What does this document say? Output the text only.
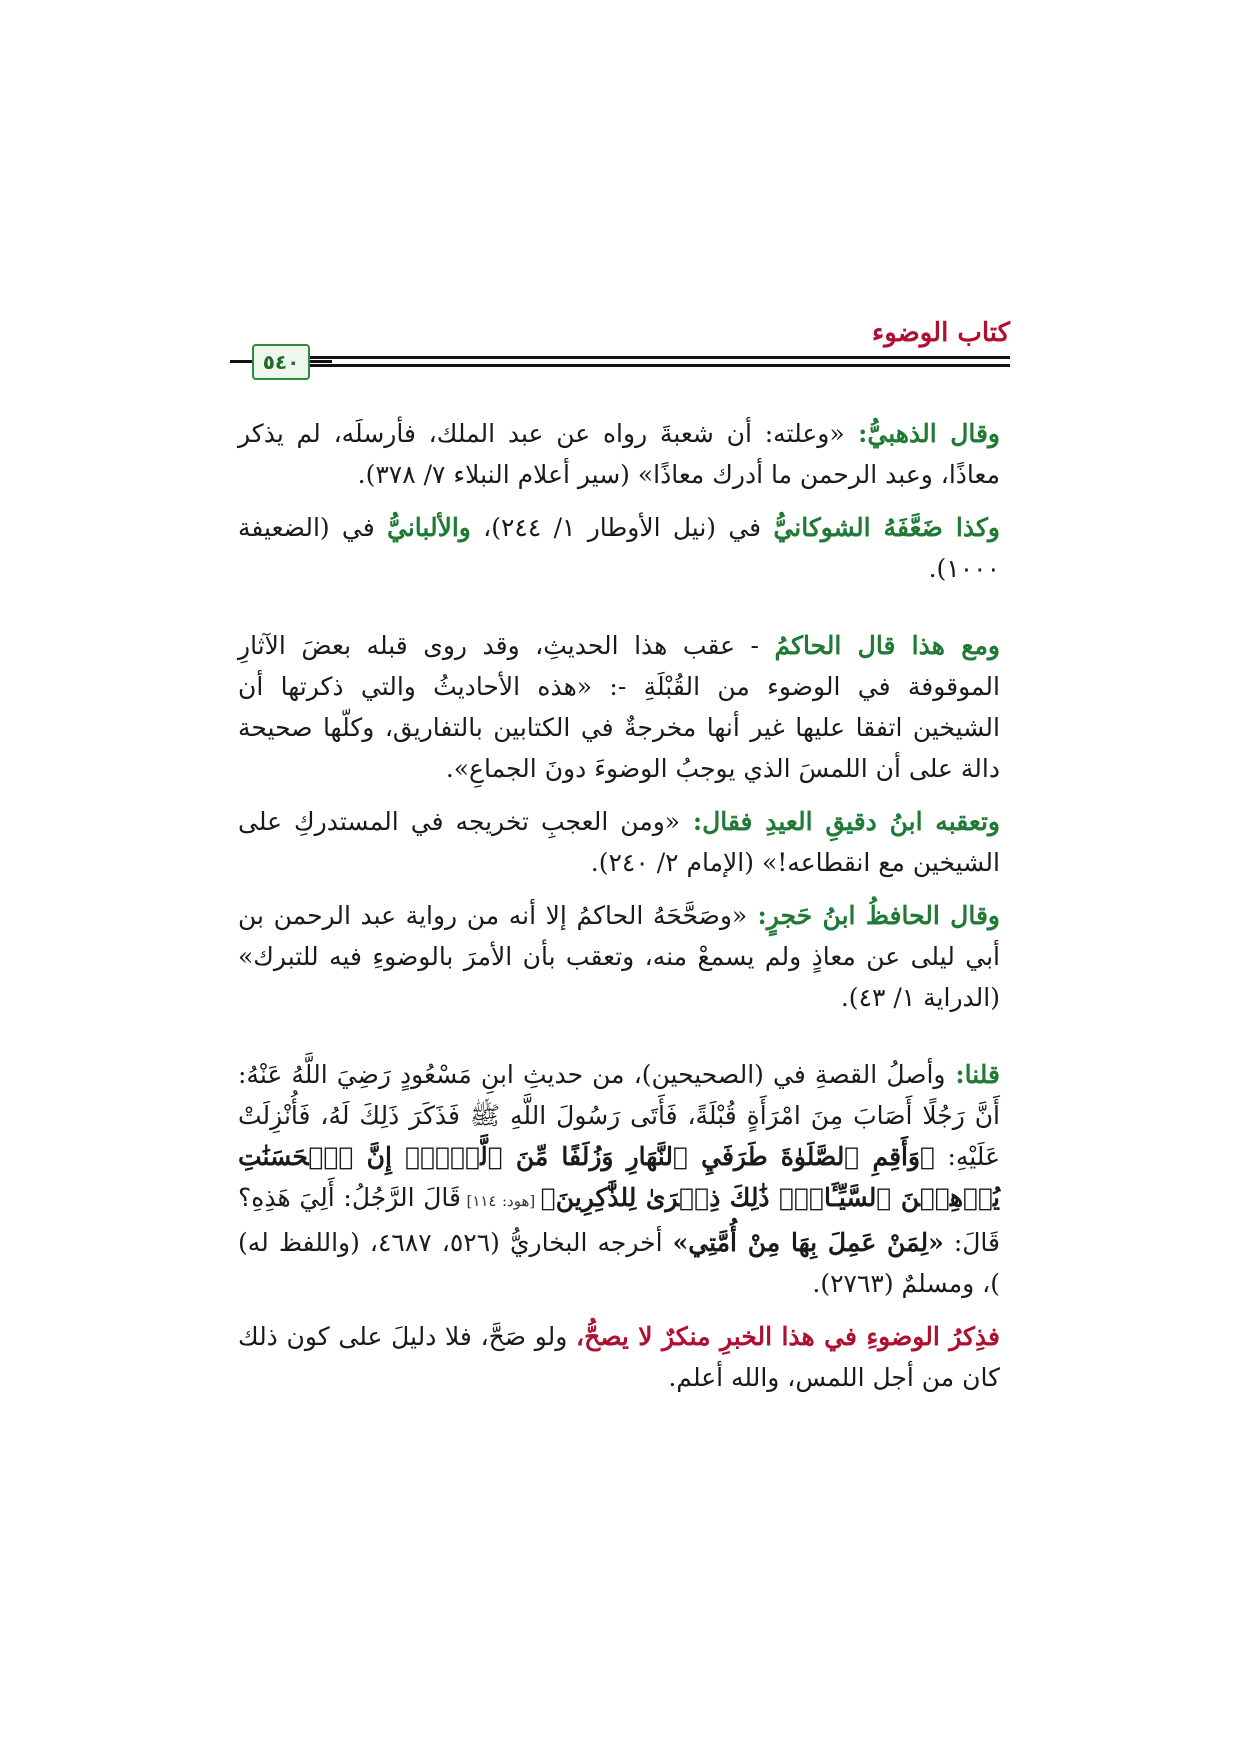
كتاب الوضوء
٥٤٠

وقال الذهبيُّ: «وعلته: أن شعبةَ رواه عن عبد الملك، فأرسلَه، لم يذكر معاذًا، وعبد الرحمن ما أدرك معاذًا» (سير أعلام النبلاء ٧/ ٣٧٨).

وكذا ضَعَّفَهُ الشوكانيُّ في (نيل الأوطار ١/ ٢٤٤)، والألبانيُّ في (الضعيفة ١٠٠٠).

ومع هذا قال الحاكمُ - عقب هذا الحديثِ، وقد روى قبله بعضَ الآثارِ الموقوفة في الوضوء من القُبْلَةِ -: «هذه الأحاديثُ والتي ذكرتها أن الشيخين اتفقا عليها غير أنها مخرجةٌ في الكتابين بالتفاريق، وكلّها صحيحة دالة على أن اللمسَ الذي يوجبُ الوضوءَ دونَ الجماعِ».

وتعقبه ابنُ دقيقِ العيدِ فقال: «ومن العجبِ تخريجه في المستدركِ على الشيخين مع انقطاعه!» (الإمام ٢/ ٢٤٠).

وقال الحافظُ ابنُ حَجرٍ: «وصَحَّحَهُ الحاكمُ إلا أنه من رواية عبد الرحمن بن أبي ليلى عن معاذٍ ولم يسمعْ منه، وتعقب بأن الأمرَ بالوضوءِ فيه للتبرك» (الدراية ١/ ٤٣).

قلنا: وأصلُ القصةِ في (الصحيحين)، من حديثِ ابنِ مَسْعُودٍ رَضِيَ اللَّهُ عَنْهُ: أَنَّ رَجُلًا أَصَابَ مِنَ امْرَأَةٍ قُبْلَةً، فَأَتَى رَسُولَ اللَّهِ ﷺ فَذَكَرَ ذَلِكَ لَهُ، فَأُنْزِلَتْ عَلَيْهِ: ﴿وَأَقِمِ ٱلصَّلَوٰةَ طَرَفَيِ ٱلنَّهَارِ وَزُلَفًا مِّنَ ٱلَّيۡلِۚ إِنَّ ٱلۡحَسَنَٰتِ يُذۡهِبۡنَ ٱلسَّيِّـَٔاتِۚ ذَٰلِكَ ذِكۡرَىٰ لِلذَّٰكِرِينَ﴾ [هود: ١١٤] قَالَ الرَّجُلُ: أَلِيَ هَذِهِ؟ قَالَ: «لِمَنْ عَمِلَ بِهَا مِنْ أُمَّتِي» أخرجه البخاريُّ (٥٢٦، ٤٦٨٧، (واللفظ له) )، ومسلمٌ (٢٧٦٣).

فذِكرُ الوضوءِ في هذا الخبرِ منكرٌ لا يصحُّ، ولو صَحَّ، فلا دليلَ على كون ذلك كان من أجل اللمس، والله أعلم.
